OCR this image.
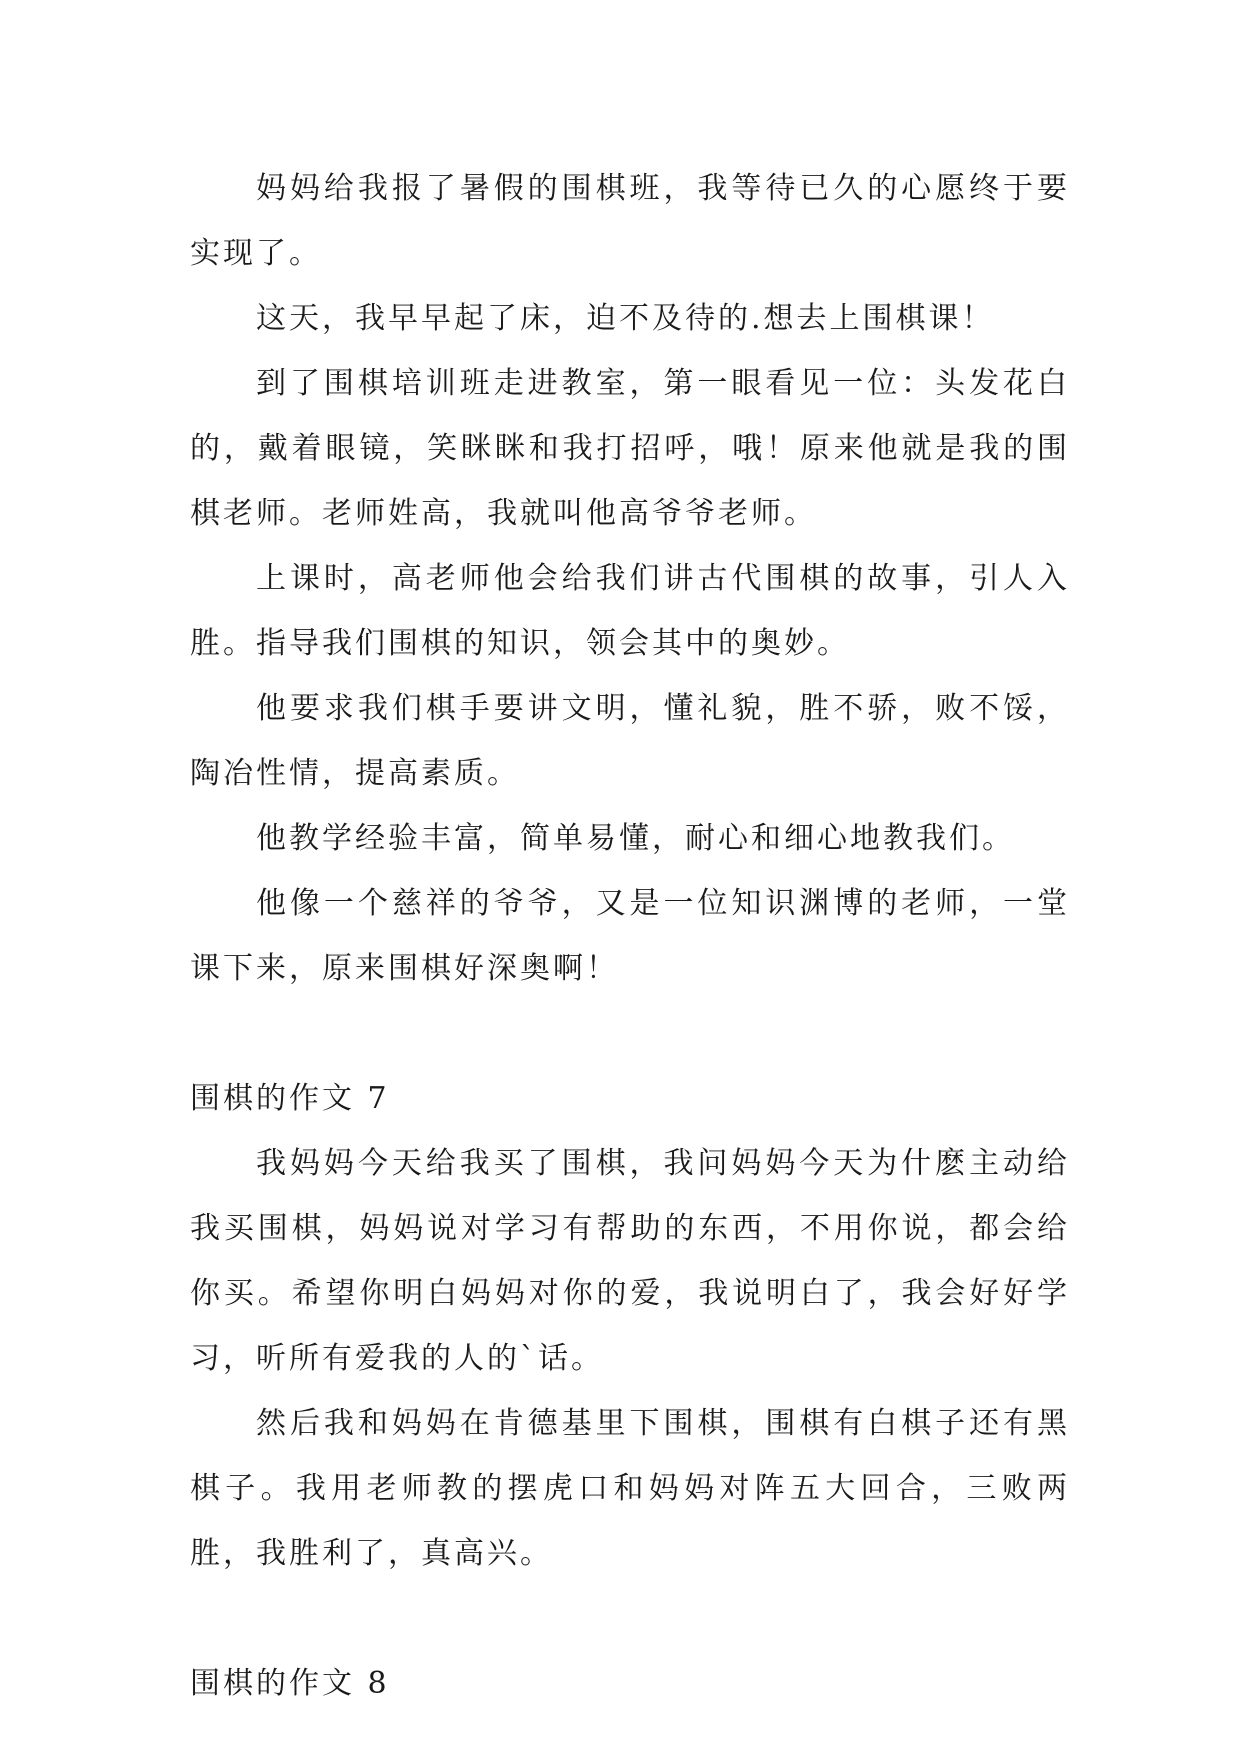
妈妈给我报了暑假的围棋班，我等待已久的心愿终于要实现了。

这天，我早早起了床，迫不及待的.想去上围棋课！

到了围棋培训班走进教室，第一眼看见一位：头发花白的，戴着眼镜，笑眯眯和我打招呼，哦！原来他就是我的围棋老师。老师姓高，我就叫他高爷爷老师。

上课时，高老师他会给我们讲古代围棋的故事，引人入胜。指导我们围棋的知识，领会其中的奥妙。

他要求我们棋手要讲文明，懂礼貌，胜不骄，败不馁，陶冶性情，提高素质。

他教学经验丰富，简单易懂，耐心和细心地教我们。

他像一个慈祥的爷爷，又是一位知识渊博的老师，一堂课下来，原来围棋好深奥啊！

围棋的作文 7

我妈妈今天给我买了围棋，我问妈妈今天为什麽主动给我买围棋，妈妈说对学习有帮助的东西，不用你说，都会给你买。希望你明白妈妈对你的爱，我说明白了，我会好好学习，听所有爱我的人的`话。

然后我和妈妈在肯德基里下围棋，围棋有白棋子还有黑棋子。我用老师教的摆虎口和妈妈对阵五大回合，三败两胜，我胜利了，真高兴。

围棋的作文 8
